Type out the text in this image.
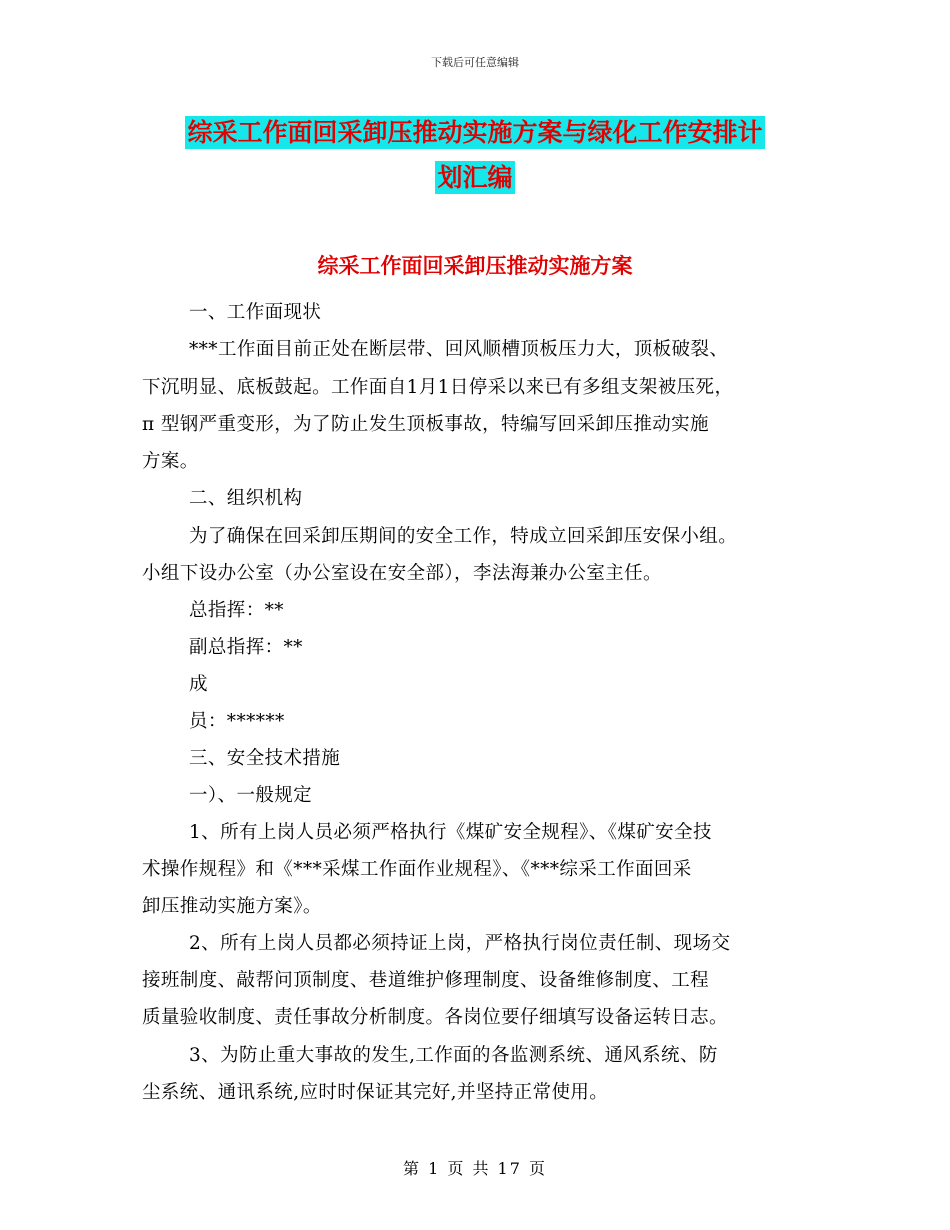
下载后可任意编辑
综采工作面回采卸压推动实施方案与绿化工作安排计
划汇编
综采工作面回采卸压推动实施方案
一、工作面现状
***工作面目前正处在断层带、回风顺槽顶板压力大，顶板破裂、
下沉明显、底板鼓起。工作面自1月1日停采以来已有多组支架被压死，
π 型钢严重变形，为了防止发生顶板事故，特编写回采卸压推动实施
方案。
二、组织机构
为了确保在回采卸压期间的安全工作，特成立回采卸压安保小组。
小组下设办公室（办公室设在安全部），李法海兼办公室主任。
总指挥：**
副总指挥：**
成
员：******
三、安全技术措施
一）、一般规定
1、所有上岗人员必须严格执行《煤矿安全规程》、《煤矿安全技
术操作规程》和《***采煤工作面作业规程》、《***综采工作面回采
卸压推动实施方案》。
2、所有上岗人员都必须持证上岗，严格执行岗位责任制、现场交
接班制度、敲帮问顶制度、巷道维护修理制度、设备维修制度、工程
质量验收制度、责任事故分析制度。各岗位要仔细填写设备运转日志。
3、为防止重大事故的发生,工作面的各监测系统、通风系统、防
尘系统、通讯系统,应时时保证其完好,并坚持正常使用。
第 1 页 共 17 页
